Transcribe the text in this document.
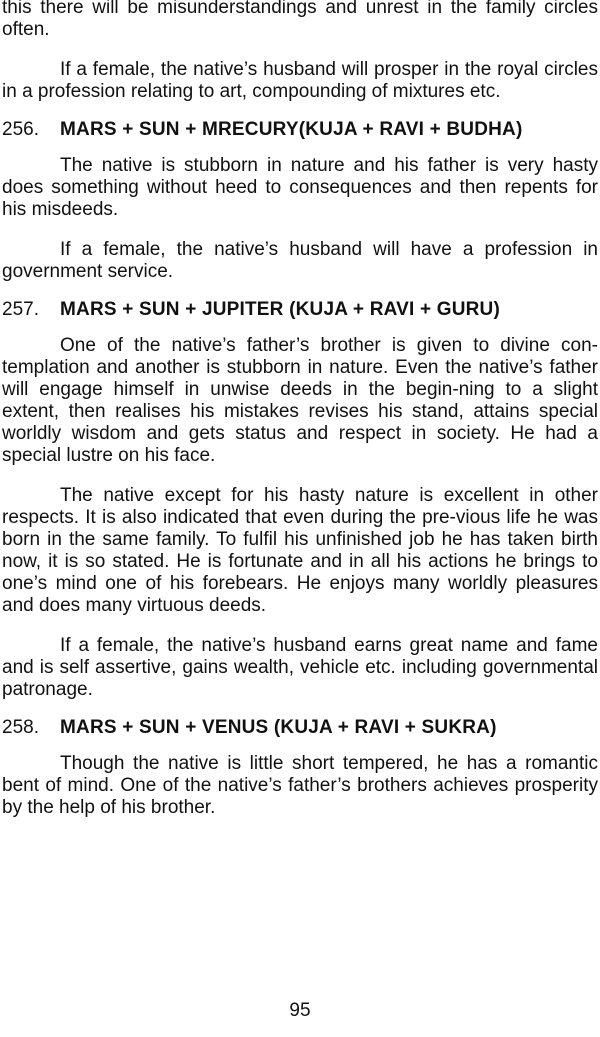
this there will be misunderstandings and unrest in the family circles often.

If a female, the native’s husband will prosper in the royal circles in a profession relating to art, compounding of mixtures etc.

256.	MARS + SUN + MRECURY(KUJA + RAVI + BUDHA)

The native is stubborn in nature and his father is very hasty does something without heed to consequences and then repents for his misdeeds.

If a female, the native’s husband will have a profession in government service.

257.	MARS + SUN + JUPITER (KUJA + RAVI + GURU)

One of the native’s father’s brother is given to divine con-templation and another is stubborn in nature. Even the native’s father will engage himself in unwise deeds in the begin-ning to a slight extent, then realises his mistakes revises his stand, attains special worldly wisdom and gets status and respect in society. He had a special lustre on his face.

The native except for his hasty nature is excellent in other respects. It is also indicated that even during the pre-vious life he was born in the same family. To fulfil his unfinished job he has taken birth now, it is so stated. He is fortunate and in all his actions he brings to one’s mind one of his forebears. He enjoys many worldly pleasures and does many virtuous deeds.

If a female, the native’s husband earns great name and fame and is self assertive, gains wealth, vehicle etc. including governmental patronage.

258.	MARS + SUN + VENUS (KUJA + RAVI + SUKRA)

Though the native is little short tempered, he has a romantic bent of mind. One of the native’s father’s brothers achieves prosperity by the help of his brother.

95
